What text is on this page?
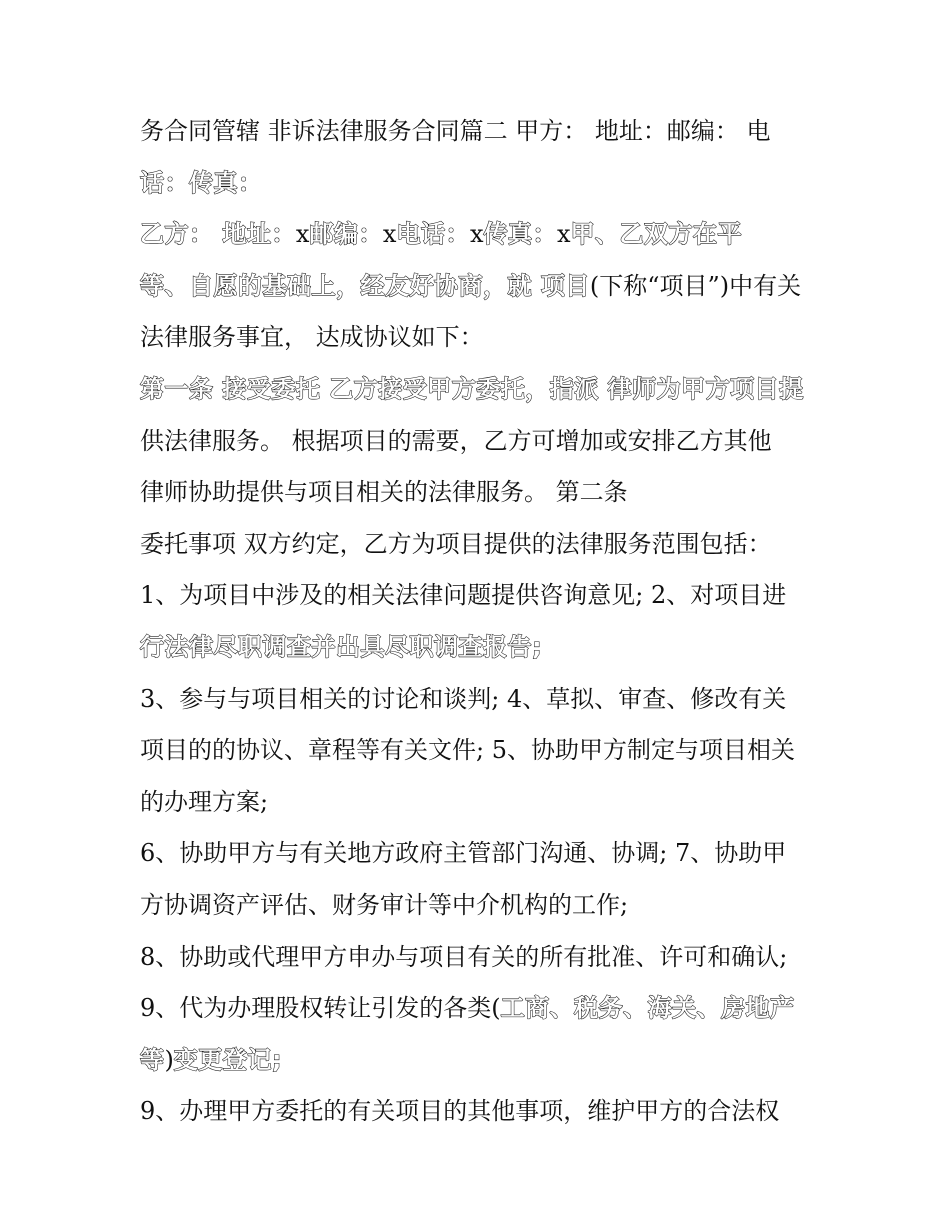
务合同管辖 非诉法律服务合同篇二 甲方： 地址：邮编： 电
话：传真：
乙方： 地址：x邮编：x电话：x传真：x甲、乙双方在平
等、自愿的基础上，经友好协商，就 项目(下称“项目”)中有关
法律服务事宜， 达成协议如下：
第一条 接受委托 乙方接受甲方委托，指派 律师为甲方项目提
供法律服务。 根据项目的需要，乙方可增加或安排乙方其他
律师协助提供与项目相关的法律服务。 第二条
委托事项 双方约定，乙方为项目提供的法律服务范围包括：
1、为项目中涉及的相关法律问题提供咨询意见; 2、对项目进
行法律尽职调查并出具尽职调查报告;
3、参与与项目相关的讨论和谈判; 4、草拟、审查、修改有关
项目的的协议、章程等有关文件; 5、协助甲方制定与项目相关
的办理方案;
6、协助甲方与有关地方政府主管部门沟通、协调; 7、协助甲
方协调资产评估、财务审计等中介机构的工作;
8、协助或代理甲方申办与项目有关的所有批准、许可和确认;
9、代为办理股权转让引发的各类(工商、税务、海关、房地产
等)变更登记;
9、办理甲方委托的有关项目的其他事项，维护甲方的合法权
